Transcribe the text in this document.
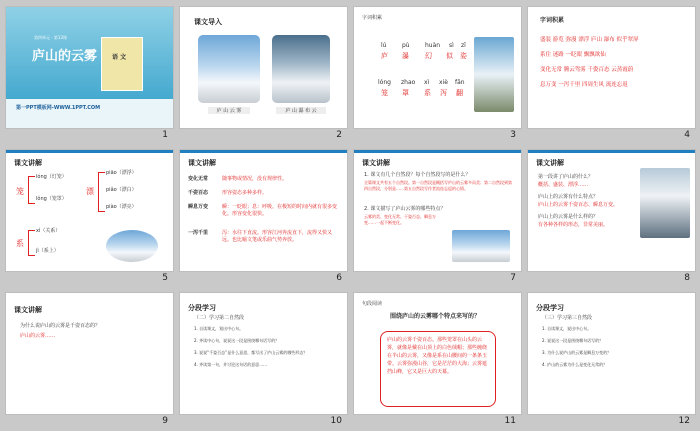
第四单元 · 第13课
庐山的云雾 语 文
第一PPT模板网-WWW.1PPT.COM
1
课文导入
庐 山 云 雾	庐 山 瀑 布 云
2
字词积累
lú	pù	huàn sì zī
庐 瀑 幻 似 姿
lóng zhao xì xiè fān
笼 罩 系 泻 翻
3
字词积累
盛装 游览 弥漫 漂浮 庐山 瀑布 似乎翠屏
系住 迷路 一眨眼 飘飘欲仙
变化无常 腾云驾雾 千姿百态 云蒸霞蔚
息万变 一泻千里 四周生风 流连忘返
4
课文讲解
笼
lóng（灯笼）
lǒng（笼罩）
漂
piāo（漂浮）
piǎo（漂白）
piào（漂亮）
系
xì（关系）
jì（系上）
5
课文讲解
变化无常	随事物或情况，没有规律性。
千姿百态	形容姿态多种多样。
瞬息万变	瞬：一眨眼；息：呼吸。在极短的时间内就有很多变化。形容变化很快。
一泻千里	泻：水往下直流。形容江河奔流直下，流得又快又远。也比喻文笔或乐曲气势奔放。
6
课文讲解
1. 课文有几个自然段？每个自然段写的是什么？
全篇课文共有五个自然段。第一自然段是概括写庐山的云雾多而美；第二自然段到第四自然段，分别是……第五自然段写作者流连忘返的心情。
2. 课文描写了庐山云雾的哪些特点？
云雾的美、变化无常、干姿百态、瞬息万变……一起不断变化。
7
课文讲解
第一段讲了庐山的什么？
概括、盛装、漂浮……
庐山上的云雾有什么特点？
庐山上的云雾千姿百态、瞬息万变。
庐山上的云雾是什么样的？
有各种各样的形态，非常美丽。
8
课文讲解
为什么说庐山的云雾是千姿百态的？
庐山的云雾……
9
分段学习
（二）学习第二自然段
1. 自读课文，划出中心句。
2. 齐读中心句，说说这一段是围绕哪句话写的？
3. 说说“千姿百态”是什么意思，都写出了庐山云雾的哪些形态？
4. 齐读第一句，并讨论这句话的意思……
10
句段阅读
围绕庐山的云雾哪个特点来写的？
庐山的云雾千姿百态。那些笼罩在山头的云雾，就像是戴在山顶上的白色绒帽；那些缠绕在半山的云雾，又像是系在山腰间的一条条玉带。云雾弥漫山谷，它是茫茫的大海；云雾遮挡山峰，它又是巨大的天幕。
11
分段学习
（三）学习第三自然段
1. 自读课文，说出中心句。
2. 说说这一段是围绕哪句话写的？
3. 为什么说庐山的云雾是瞬息万变的？
4. 庐山的云雾为什么是变化无常的？
12
